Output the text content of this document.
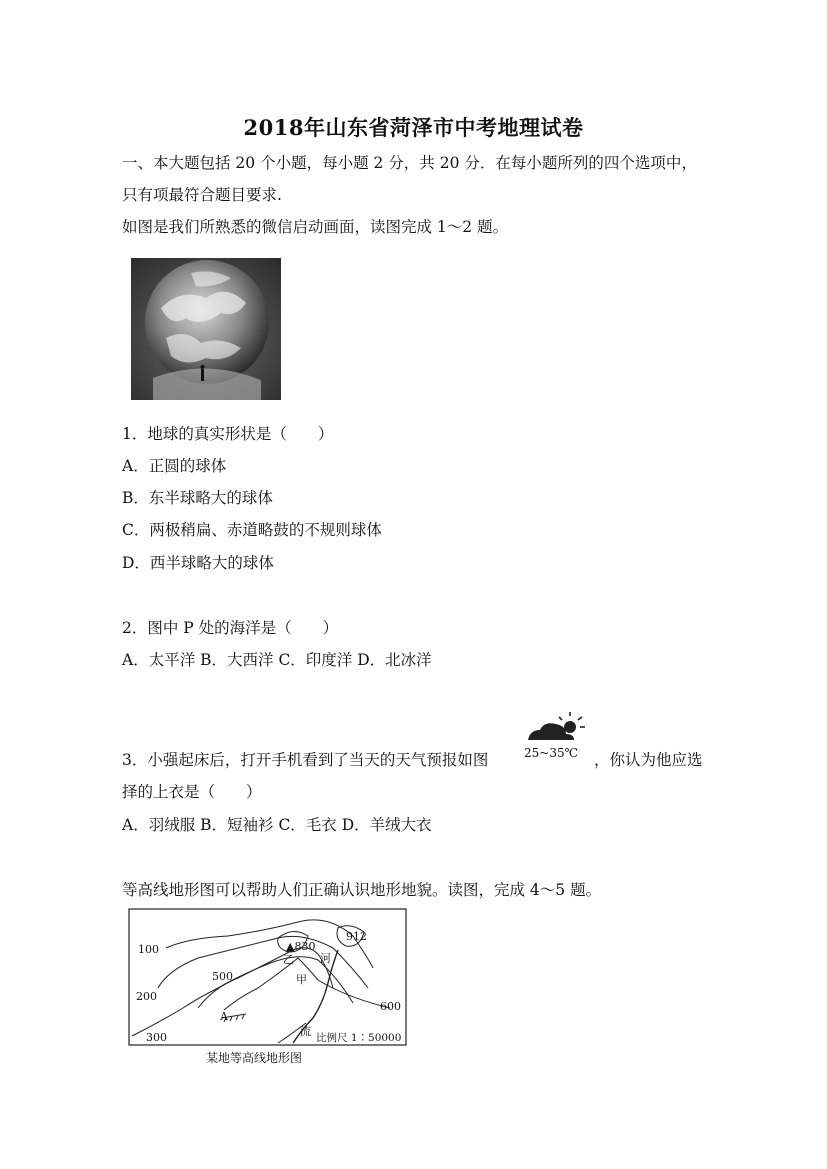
2018年山东省菏泽市中考地理试卷
一、本大题包括 20 个小题，每小题 2 分，共 20 分．在每小题所列的四个选项中，
只有项最符合题目要求.
如图是我们所熟悉的微信启动画面，读图完成 1～2 题。
1．地球的真实形状是（　　）
A．正圆的球体
B．东半球略大的球体
C．两极稍扁、赤道略鼓的不规则球体
D．西半球略大的球体
2．图中 P 处的海洋是（　　）
A．太平洋 B．大西洋 C．印度洋 D．北冰洋
3．小强起床后，打开手机看到了当天的天气预报如图	25~35℃ ，你认为他应选
择的上衣是（　　）
A．羽绒服 B．短袖衫 C．毛衣 D．羊绒大衣
等高线地形图可以帮助人们正确认识地形地貌。读图，完成 4～5 题。
100
200
300
500
600
▲830
912
乙
甲
河
流
A
比例尺 1∶50000
某地等高线地形图
